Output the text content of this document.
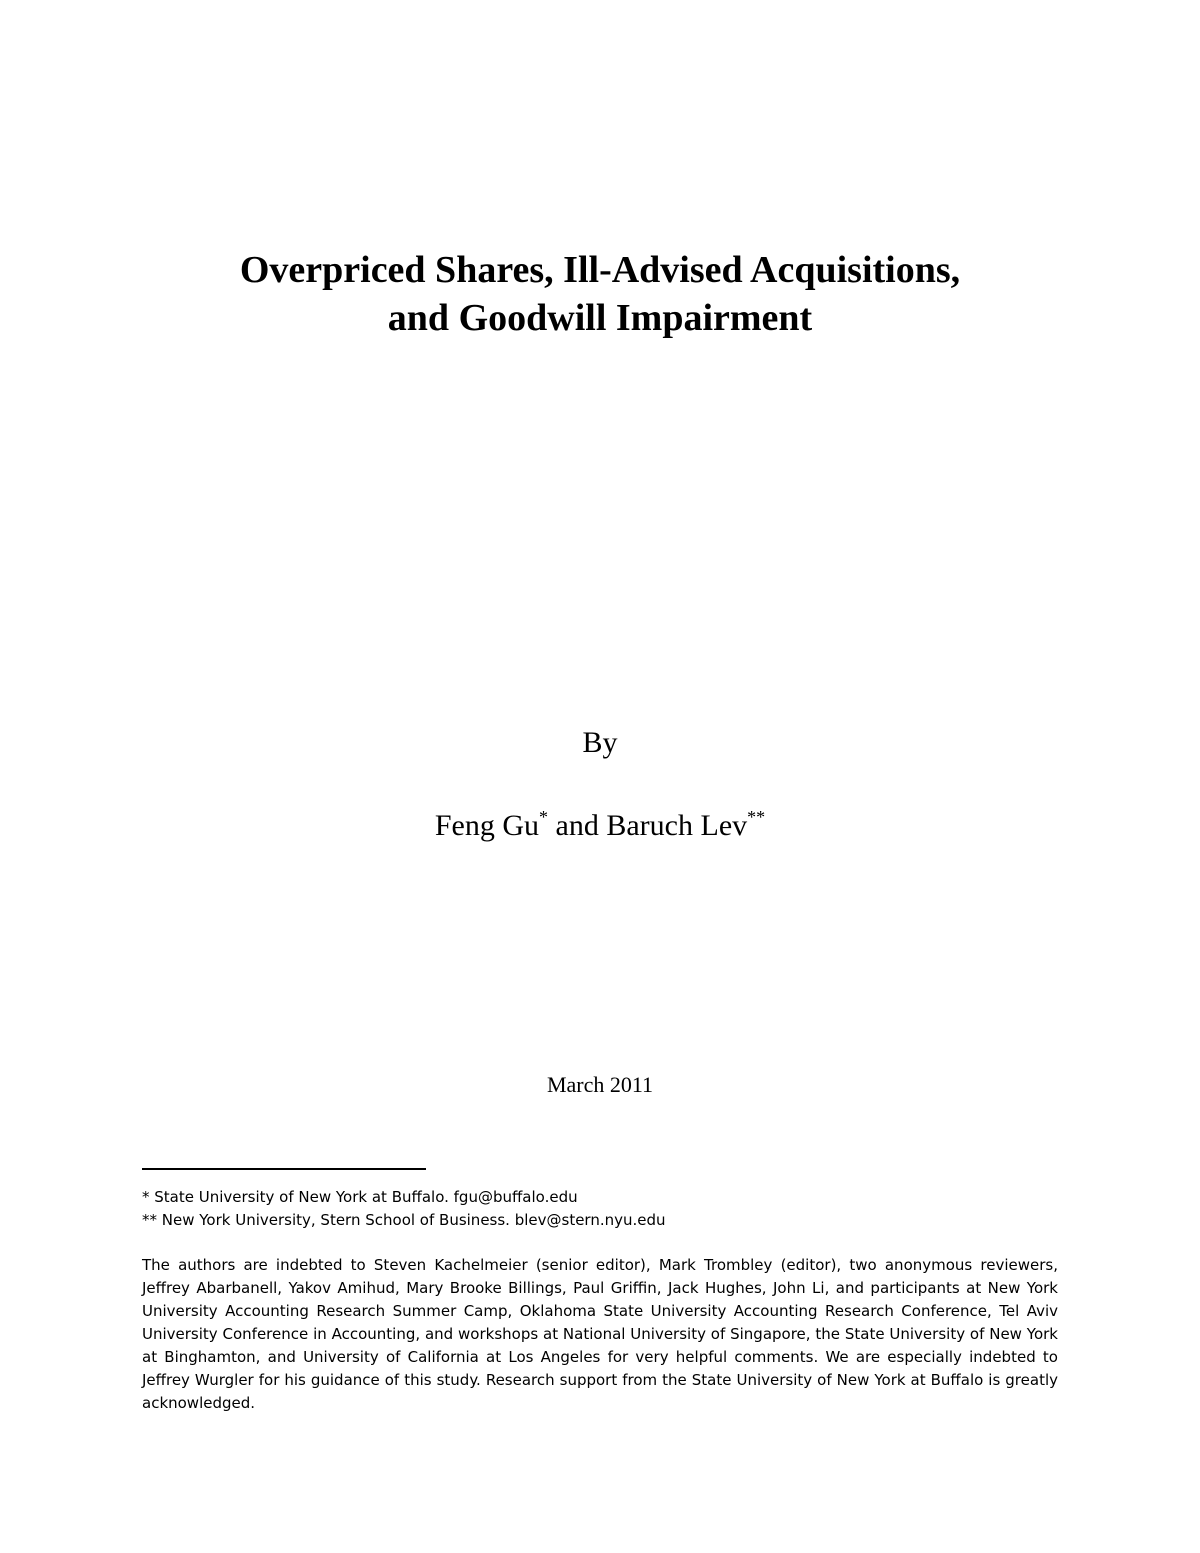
Overpriced Shares, Ill-Advised Acquisitions,
and Goodwill Impairment
By
Feng Gu* and Baruch Lev**
March 2011
* State University of New York at Buffalo. fgu@buffalo.edu
** New York University, Stern School of Business. blev@stern.nyu.edu
The authors are indebted to Steven Kachelmeier (senior editor), Mark Trombley (editor), two anonymous reviewers, Jeffrey Abarbanell, Yakov Amihud, Mary Brooke Billings, Paul Griffin, Jack Hughes, John Li, and participants at New York University Accounting Research Summer Camp, Oklahoma State University Accounting Research Conference, Tel Aviv University Conference in Accounting, and workshops at National University of Singapore, the State University of New York at Binghamton, and University of California at Los Angeles for very helpful comments. We are especially indebted to Jeffrey Wurgler for his guidance of this study. Research support from the State University of New York at Buffalo is greatly acknowledged.
